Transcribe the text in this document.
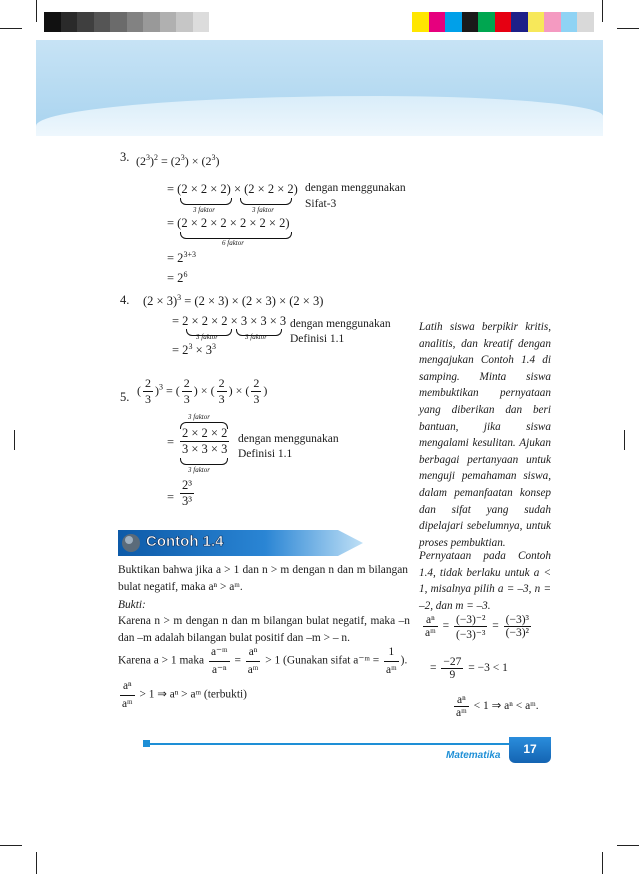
3. $(2^3)^2 = (2^3) \times (2^3)$
= (2 × 2 × 2) × (2 × 2 × 2)
3 faktor	3 faktor
dengan menggunakan
Sifat-3
= (2 × 2 × 2 × 2 × 2 × 2)
6 faktor
= $2^{3+3}$
= $2^6$
4. $(2 \times 3)^3 = (2 \times 3) \times (2 \times 3) \times (2 \times 3)$
= 2 × 2 × 2 × 3 × 3 × 3
3 faktor	3 faktor
dengan menggunakan
Definisi 1.1
= $2^3 \times 3^3$
5. ( $\frac{2}{3} )^3$ = ( $\frac{2}{3}$ ) × ( $\frac{2}{3}$ ) × ( $\frac{2}{3}$ )
3 faktor
= $\frac{2 \times 2 \times 2}{3 \times 3 \times 3}$
3 faktor
dengan menggunakan
Definisi 1.1
= $\frac{\text{2³}}{\text{3³}}$
Contoh 1.4
Buktikan bahwa jika a > 1 dan n > m dengan n dan m bilangan bulat negatif, maka aⁿ > aᵐ.
Bukti:
Karena n > m dengan n dan m bilangan bulat negatif, maka –n dan –m adalah bilangan bulat positif dan –m > – n.
Karena a > 1 maka $\frac{\text{a⁻ᵐ}}{\text{a⁻ⁿ}} = \frac{\text{aⁿ}}{\text{aᵐ}} > 1$ (Gunakan sifat a⁻ᵐ = $\frac{1}{\text{aᵐ}}$ ).
$\frac{\text{aⁿ}}{\text{aᵐ}} > 1$ ⇒ aⁿ > aᵐ (terbukti)
Latih siswa berpikir kritis, analitis, dan kreatif dengan mengajukan Contoh 1.4 di samping. Minta siswa membuktikan pernyataan yang diberikan dan beri bantuan, jika siswa mengalami kesulitan. Ajukan berbagai pertanyaan untuk menguji pemahaman siswa, dalam pemanfaatan konsep dan sifat yang sudah dipelajari sebelumnya, untuk proses pembuktian.
Pernyataan pada Contoh 1.4, tidak berlaku untuk a < 1, misalnya pilih a = –3, n = –2, dan m = –3.
$\frac{\text{aⁿ}}{\text{aᵐ}} = \frac{\text{(−3)⁻²}}{\text{(−3)⁻³}} = \frac{\text{(−3)³}}{\text{(−3)²}}$
= $\frac{-27}{9} = -3 < 1$
$\frac{\text{aⁿ}}{\text{aᵐ}} < 1$ ⇒ aⁿ < aᵐ.
Matematika	17
